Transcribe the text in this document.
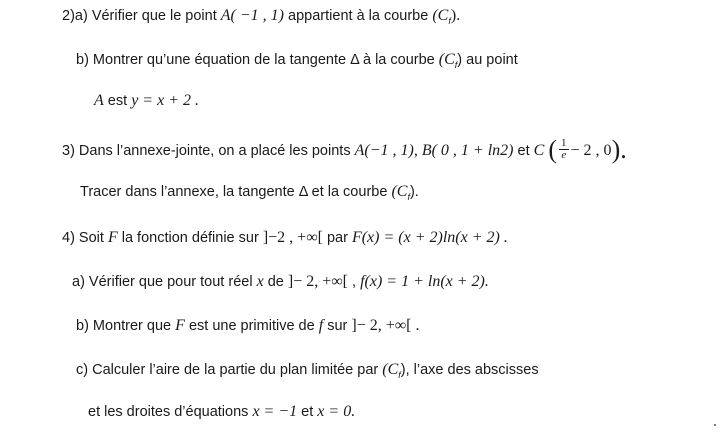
2)a) Vérifier que le point A( −1 , 1) appartient à la courbe $(C_f)$.
b) Montrer qu’une équation de la tangente Δ à la courbe $(C_f)$ au point
A est y = x + 2 .
3) Dans l’annexe-jointe, on a placé les points A(−1 , 1), B( 0 , 1 + ln2) et C ( $\frac{1}{e} - 2$ , 0).
Tracer dans l’annexe, la tangente Δ et la courbe $(C_f)$.
4) Soit F la fonction définie sur ]−2 , +∞[ par F(x) = (x + 2)ln(x + 2) .
a) Vérifier que pour tout réel x de ]− 2, +∞[ , f(x) = 1 + ln(x + 2).
b) Montrer que F est une primitive de f sur ]− 2, +∞[ .
c) Calculer l’aire de la partie du plan limitée par $(C_f)$, l’axe des abscisses
et les droites d’équations x = −1 et x = 0.
